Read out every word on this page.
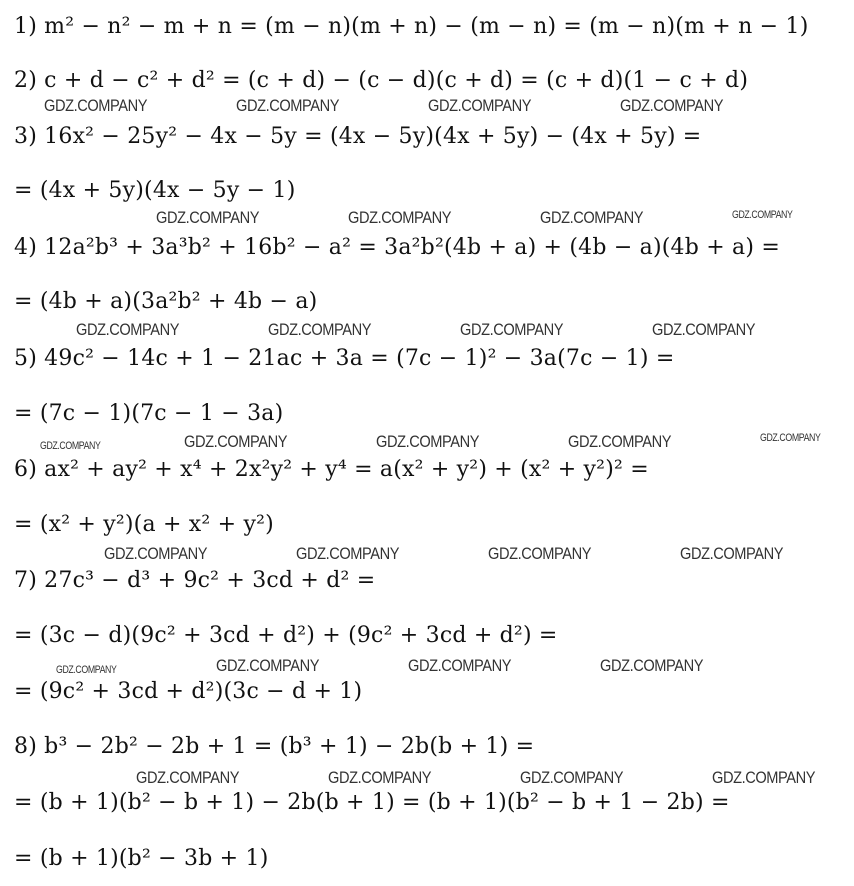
1) m² − n² − m + n = (m − n)(m + n) − (m − n) = (m − n)(m + n − 1)
2) c + d − c² + d² = (c + d) − (c − d)(c + d) = (c + d)(1 − c + d)
3) 16x² − 25y² − 4x − 5y = (4x − 5y)(4x + 5y) − (4x + 5y) =
= (4x + 5y)(4x − 5y − 1)
4) 12a²b³ + 3a³b² + 16b² − a² = 3a²b²(4b + a) + (4b − a)(4b + a) =
= (4b + a)(3a²b² + 4b − a)
5) 49c² − 14c + 1 − 21ac + 3a = (7c − 1)² − 3a(7c − 1) =
= (7c − 1)(7c − 1 − 3a)
6) ax² + ay² + x⁴ + 2x²y² + y⁴ = a(x² + y²) + (x² + y²)² =
= (x² + y²)(a + x² + y²)
7) 27c³ − d³ + 9c² + 3cd + d² =
= (3c − d)(9c² + 3cd + d²) + (9c² + 3cd + d²) =
= (9c² + 3cd + d²)(3c − d + 1)
8) b³ − 2b² − 2b + 1 = (b³ + 1) − 2b(b + 1) =
= (b + 1)(b² − b + 1) − 2b(b + 1) = (b + 1)(b² − b + 1 − 2b) =
= (b + 1)(b² − 3b + 1)
GDZ.COMPANY	GDZ.COMPANY	GDZ.COMPANY	GDZ.COMPANY
GDZ.COMPANY	GDZ.COMPANY	GDZ.COMPANY	GDZ.COMPANY
GDZ.COMPANY	GDZ.COMPANY	GDZ.COMPANY	GDZ.COMPANY
GDZ.COMPANY	GDZ.COMPANY	GDZ.COMPANY	GDZ.COMPANY	GDZ.COMPANY
GDZ.COMPANY	GDZ.COMPANY	GDZ.COMPANY	GDZ.COMPANY
GDZ.COMPANY	GDZ.COMPANY	GDZ.COMPANY	GDZ.COMPANY
GDZ.COMPANY	GDZ.COMPANY	GDZ.COMPANY	GDZ.COMPANY
